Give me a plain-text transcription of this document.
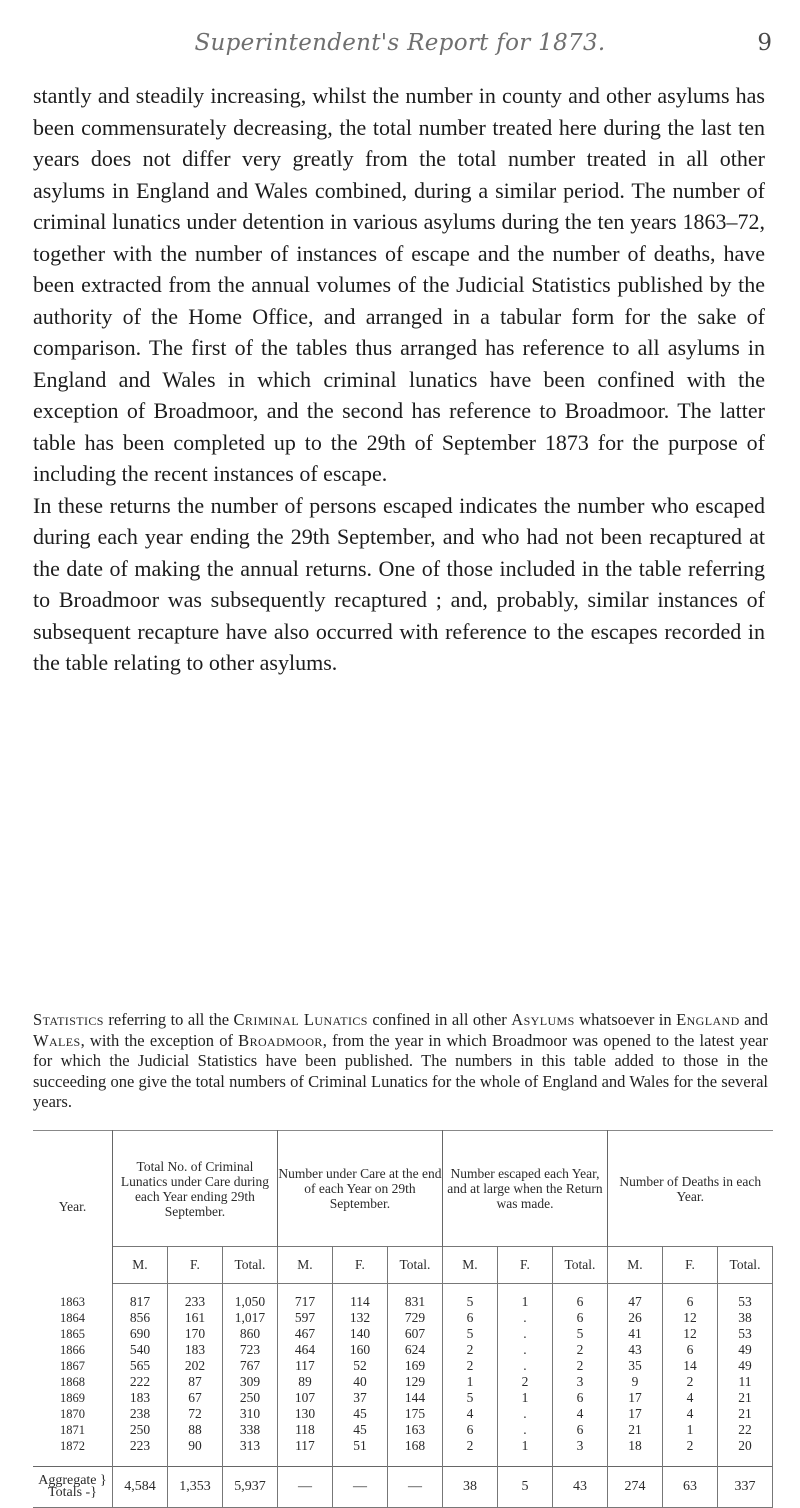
Superintendent's Report for 1873.	9

stantly and steadily increasing, whilst the number in county and other asylums has been commensurately decreasing, the total number treated here during the last ten years does not differ very greatly from the total number treated in all other asylums in England and Wales combined, during a similar period. The number of criminal lunatics under detention in various asylums during the ten years 1863–72, together with the number of instances of escape and the number of deaths, have been extracted from the annual volumes of the Judicial Statistics published by the authority of the Home Office, and arranged in a tabular form for the sake of comparison. The first of the tables thus arranged has reference to all asylums in England and Wales in which criminal lunatics have been confined with the exception of Broadmoor, and the second has reference to Broadmoor. The latter table has been completed up to the 29th of September 1873 for the purpose of including the recent instances of escape.

In these returns the number of persons escaped indicates the number who escaped during each year ending the 29th September, and who had not been recaptured at the date of making the annual returns. One of those included in the table referring to Broadmoor was subsequently recaptured ; and, probably, similar instances of subsequent recapture have also occurred with reference to the escapes recorded in the table relating to other asylums.

Statistics referring to all the Criminal Lunatics confined in all other Asylums whatsoever in England and Wales, with the exception of Broadmoor, from the year in which Broadmoor was opened to the latest year for which the Judicial Statistics have been published. The numbers in this table added to those in the succeeding one give the total numbers of Criminal Lunatics for the whole of England and Wales for the several years.
Year.	Total No. of Criminal Lunatics under Care during each Year ending 29th September.			Number under Care at the end of each Year on 29th September.			Number escaped each Year, and at large when the Return was made.			Number of Deaths in each Year.		
	M.	F.	Total.	M.	F.	Total.	M.	F.	Total.	M.	F.	Total.
1863	817	233	1,050	717	114	831	5	1	6	47	6	53
1864	856	161	1,017	597	132	729	6	.	6	26	12	38
1865	690	170	860	467	140	607	5	.	5	41	12	53
1866	540	183	723	464	160	624	2	.	2	43	6	49
1867	565	202	767	117	52	169	2	.	2	35	14	49
1868	222	87	309	89	40	129	1	2	3	9	2	11
1869	183	67	250	107	37	144	5	1	6	17	4	21
1870	238	72	310	130	45	175	4	.	4	17	4	21
1871	250	88	338	118	45	163	6	.	6	21	1	22
1872	223	90	313	117	51	168	2	1	3	18	2	20
Aggregate } Totals -}	4,584	1,353	5,937	—	—	—	38	5	43	274	63	337
